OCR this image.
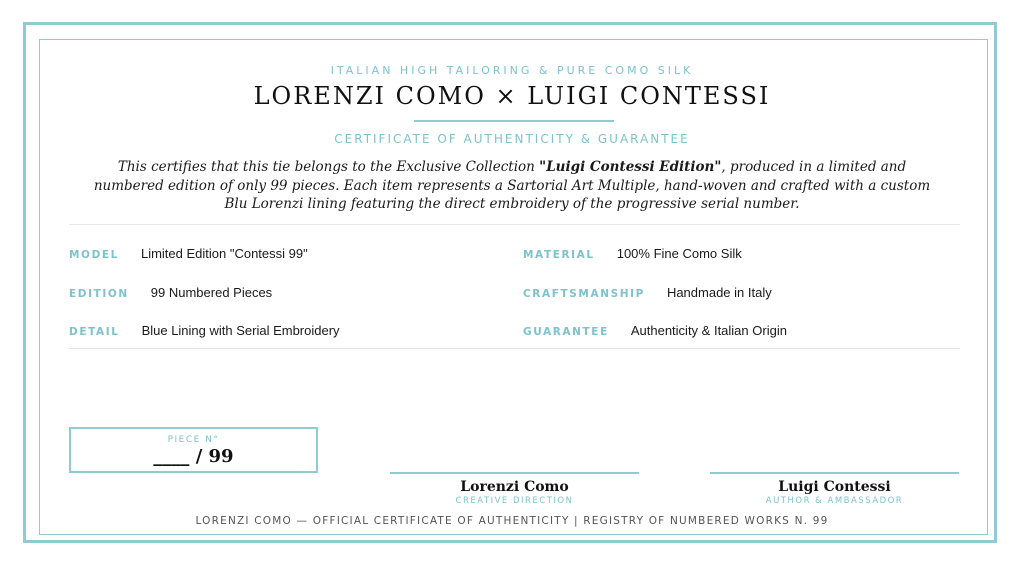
ITALIAN HIGH TAILORING & PURE COMO SILK
LORENZI COMO × LUIGI CONTESSI
CERTIFICATE OF AUTHENTICITY & GUARANTEE
This certifies that this tie belongs to the Exclusive Collection "Luigi Contessi Edition", produced in a limited and numbered edition of only 99 pieces. Each item represents a Sartorial Art Multiple, hand-woven and crafted with a custom Blu Lorenzi lining featuring the direct embroidery of the progressive serial number.
MODEL Limited Edition "Contessi 99"
EDITION 99 Numbered Pieces
DETAIL Blue Lining with Serial Embroidery
MATERIAL 100% Fine Como Silk
CRAFTSMANSHIP Handmade in Italy
GUARANTEE Authenticity & Italian Origin
PIECE N°
____ / 99
Lorenzi Como
CREATIVE DIRECTION
Luigi Contessi
AUTHOR & AMBASSADOR
LORENZI COMO — OFFICIAL CERTIFICATE OF AUTHENTICITY | REGISTRY OF NUMBERED WORKS N. 99
